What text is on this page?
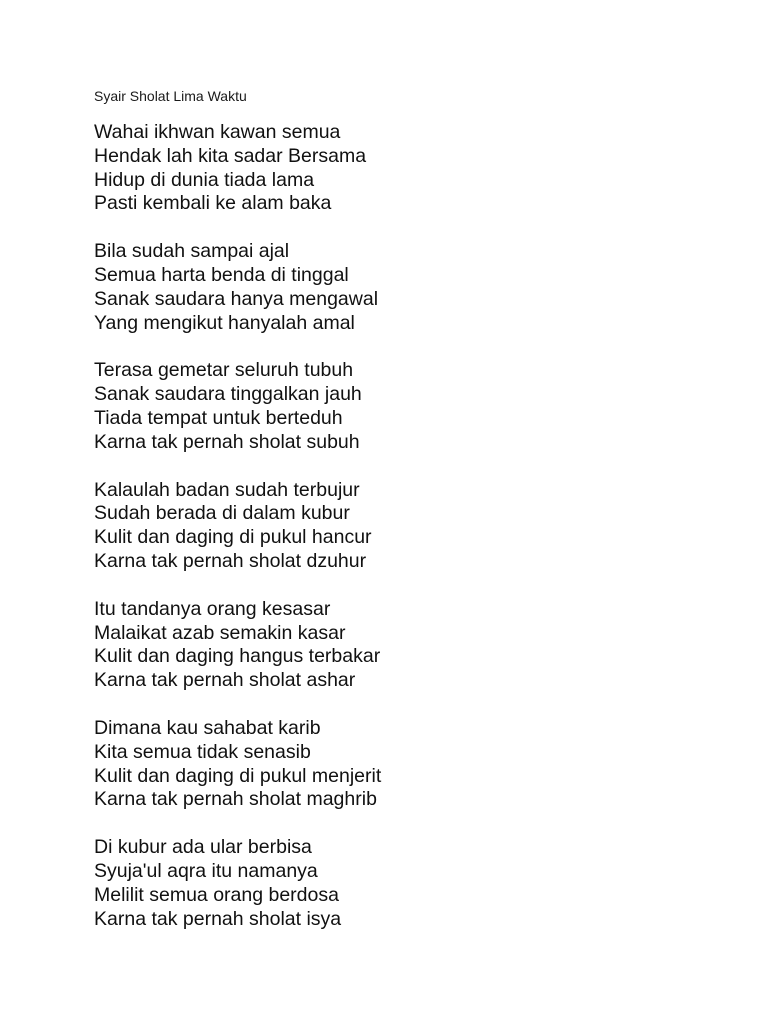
Syair Sholat Lima Waktu
Wahai ikhwan kawan semua
Hendak lah kita sadar Bersama
Hidup di dunia tiada lama
Pasti kembali ke alam baka
Bila sudah sampai ajal
Semua harta benda di tinggal
Sanak saudara hanya mengawal
Yang mengikut hanyalah amal
Terasa gemetar seluruh tubuh
Sanak saudara tinggalkan jauh
Tiada tempat untuk berteduh
Karna tak pernah sholat subuh
Kalaulah badan sudah terbujur
Sudah berada di dalam kubur
Kulit dan daging di pukul hancur
Karna tak pernah sholat dzuhur
Itu tandanya orang kesasar
Malaikat azab semakin kasar
Kulit dan daging hangus terbakar
Karna tak pernah sholat ashar
Dimana kau sahabat karib
Kita semua tidak senasib
Kulit dan daging di pukul menjerit
Karna tak pernah sholat maghrib
Di kubur ada ular berbisa
Syuja'ul aqra itu namanya
Melilit semua orang berdosa
Karna tak pernah sholat isya
